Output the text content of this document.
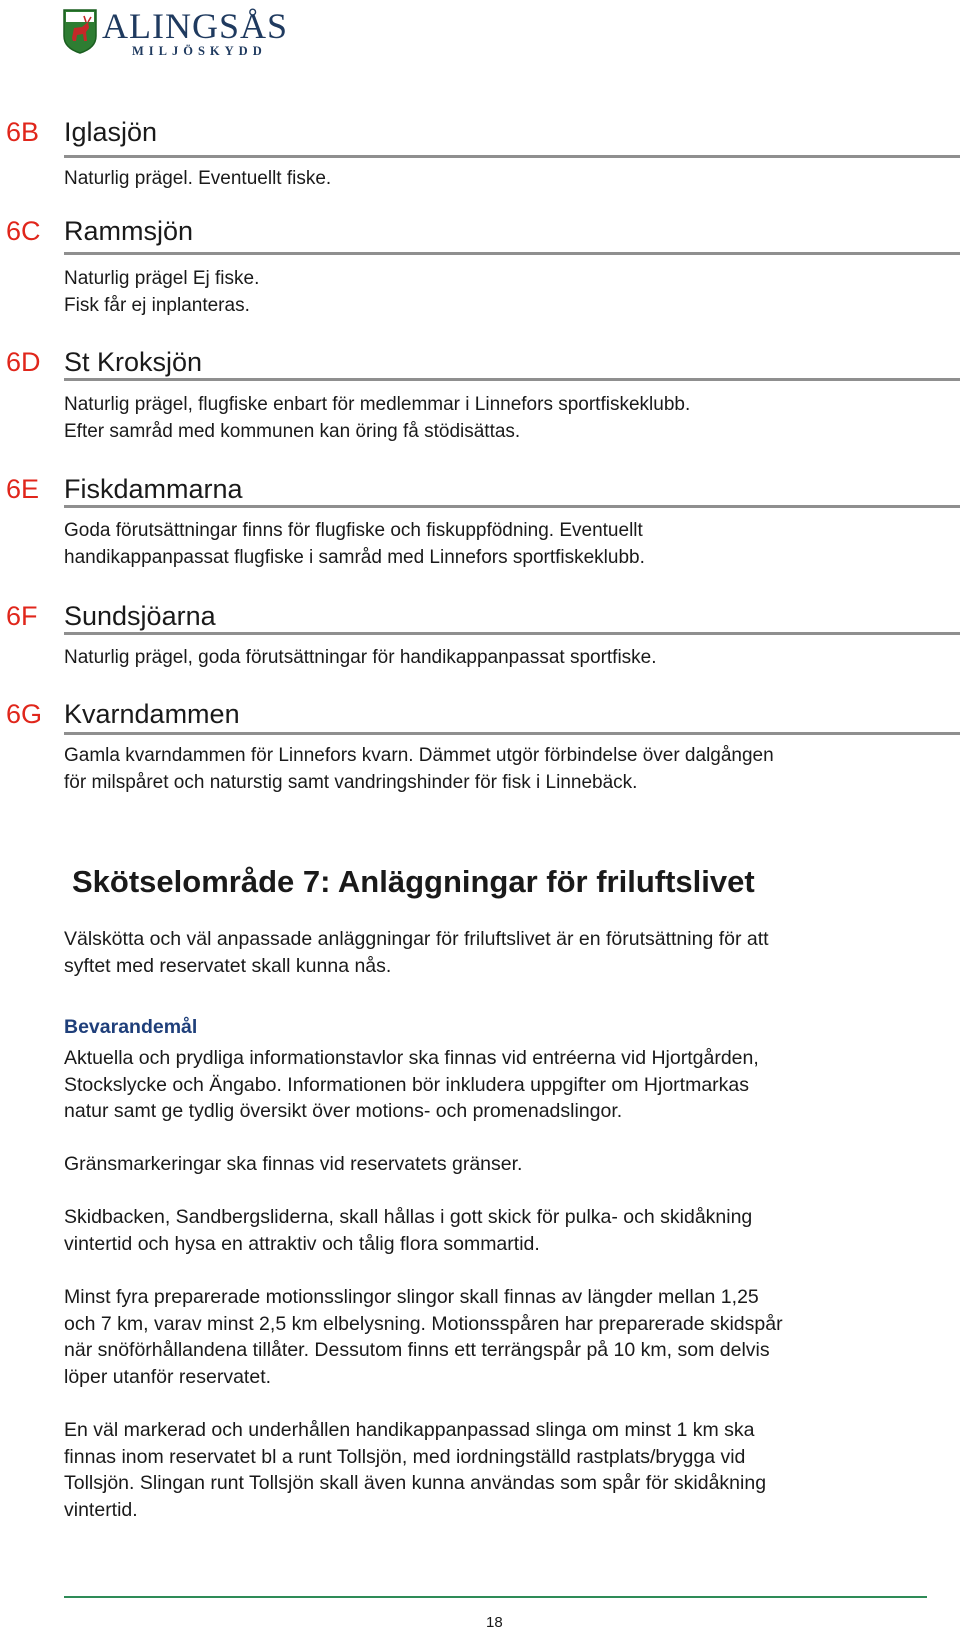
ALINGSÅS
MILJÖSKYDD
6B Iglasjön
Naturlig prägel. Eventuellt fiske.
6C Rammsjön
Naturlig prägel Ej fiske.
Fisk får ej inplanteras.
6D St Kroksjön
Naturlig prägel, flugfiske enbart för medlemmar i Linnefors sportfiskeklubb.
Efter samråd med kommunen kan öring få stödisättas.
6E Fiskdammarna
Goda förutsättningar finns för flugfiske och fiskuppfödning. Eventuellt
handikappanpassat flugfiske i samråd med Linnefors sportfiskeklubb.
6F Sundsjöarna
Naturlig prägel, goda förutsättningar för handikappanpassat sportfiske.
6G Kvarndammen
Gamla kvarndammen för Linnefors kvarn. Dämmet utgör förbindelse över dalgången
för milspåret och naturstig samt vandringshinder för fisk i Linnebäck.
Skötselområde 7: Anläggningar för friluftslivet
Välskötta och väl anpassade anläggningar för friluftslivet är en förutsättning för att
syftet med reservatet skall kunna nås.
Bevarandemål
Aktuella och prydliga informationstavlor ska finnas vid entréerna vid Hjortgården,
Stockslycke och Ängabo. Informationen bör inkludera uppgifter om Hjortmarkas
natur samt ge tydlig översikt över motions- och promenadslingor.
Gränsmarkeringar ska finnas vid reservatets gränser.
Skidbacken, Sandbergsliderna, skall hållas i gott skick för pulka- och skidåkning
vintertid och hysa en attraktiv och tålig flora sommartid.
Minst fyra preparerade motionsslingor slingor skall finnas av längder mellan 1,25
och 7 km, varav minst 2,5 km elbelysning. Motionsspåren har preparerade skidspår
när snöförhållandena tillåter. Dessutom finns ett terrängspår på 10 km, som delvis
löper utanför reservatet.
En väl markerad och underhållen handikappanpassad slinga om minst 1 km ska
finnas inom reservatet bl a runt Tollsjön, med iordningställd rastplats/brygga vid
Tollsjön. Slingan runt Tollsjön skall även kunna användas som spår för skidåkning
vintertid.
18
